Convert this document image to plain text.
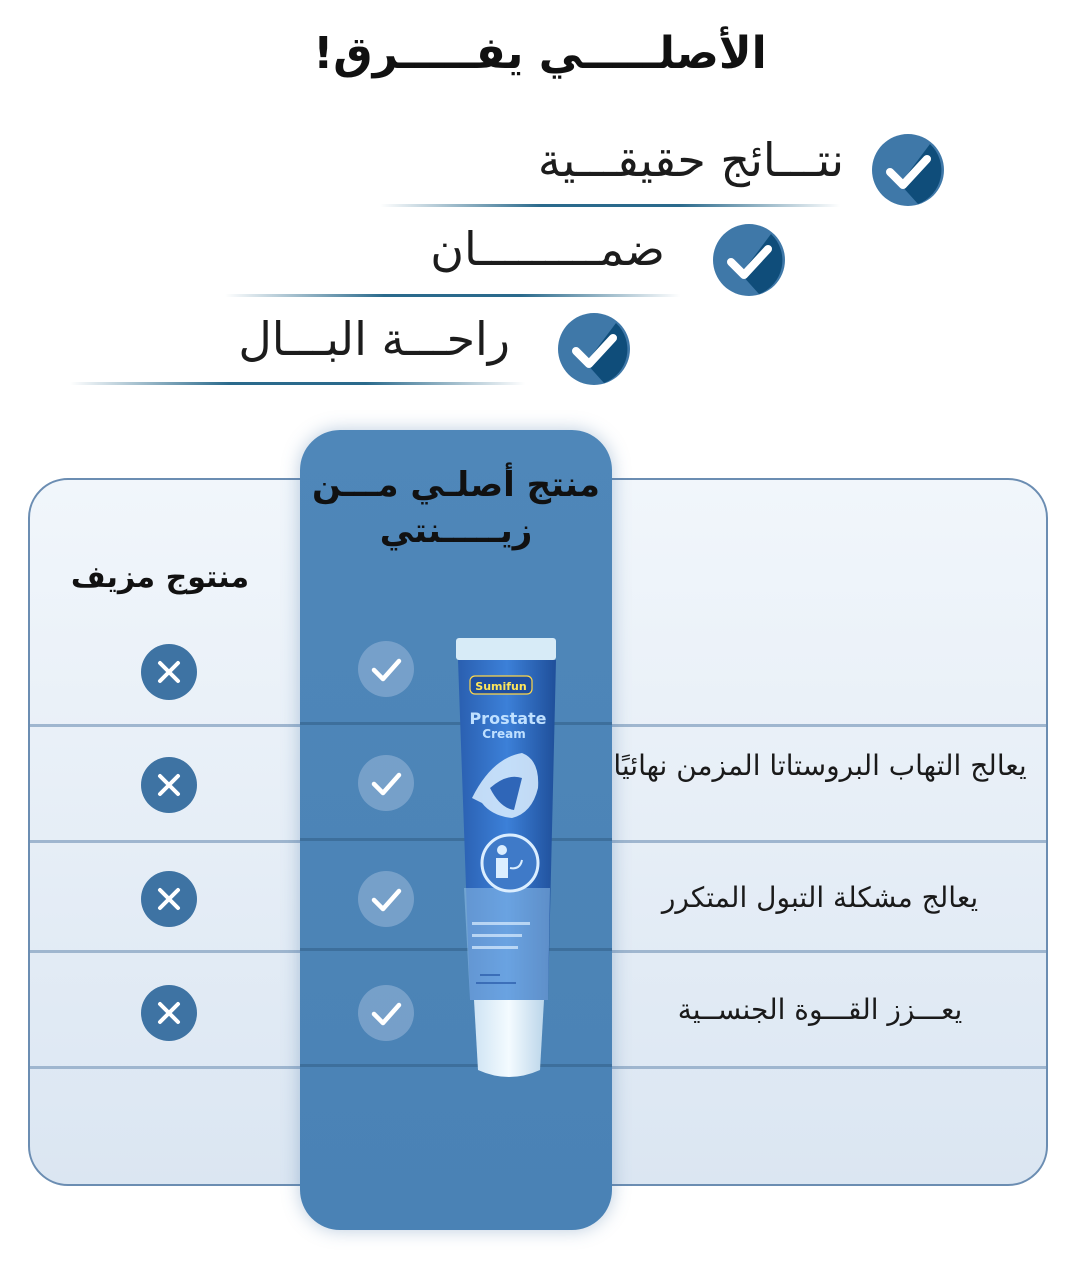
الأصلـــــي يفـــــرق!
نتـــائج حقيقـــية
ضمـــــــــان
راحـــة البـــال
منتج أصلـي مـــن زيـــــنتي
منتوج مزيف
يعالج التهاب البروستاتا المزمن نهائيًا
يعالج مشكلة التبول المتكرر
يعـــزز القـــوة الجنســية
Sumifun
Prostate
Cream
